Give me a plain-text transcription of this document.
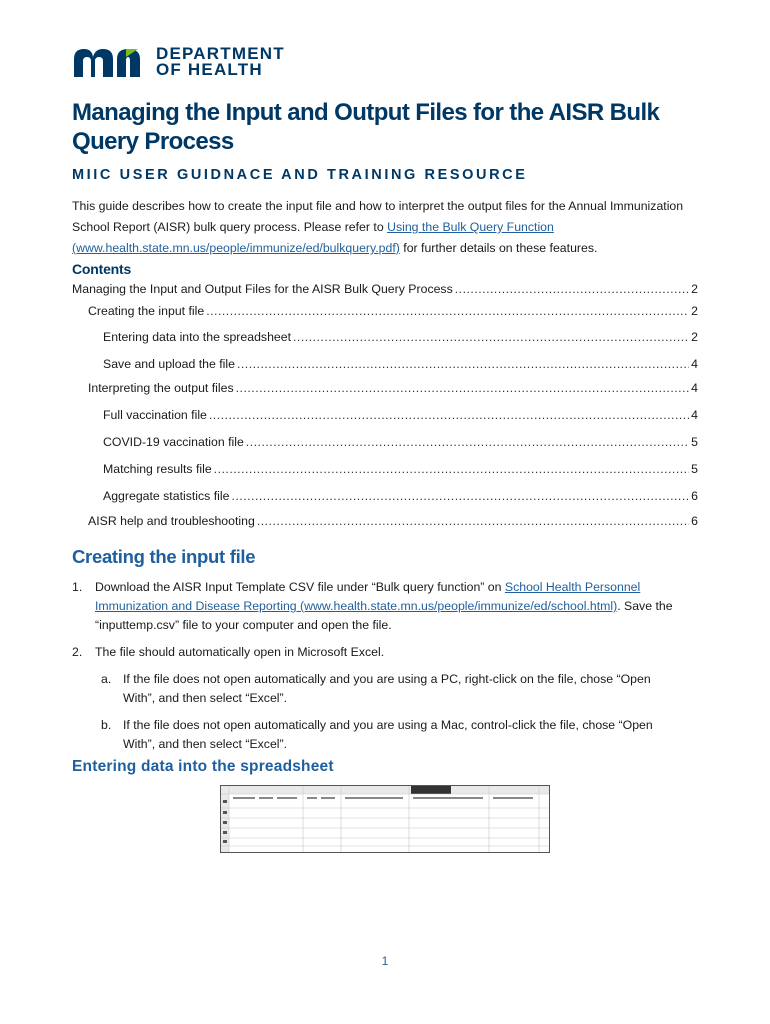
DEPARTMENT
OF HEALTH
Managing the Input and Output Files for the AISR Bulk Query Process
MIIC USER GUIDNACE AND TRAINING RESOURCE

This guide describes how to create the input file and how to interpret the output files for the Annual Immunization School Report (AISR) bulk query process. Please refer to Using the Bulk Query Function (www.health.state.mn.us/people/immunize/ed/bulkquery.pdf) for further details on these features.

Contents
Managing the Input and Output Files for the AISR Bulk Query Process .....	2
Creating the input file .....	2
Entering data into the spreadsheet .....	2
Save and upload the file .....	4
Interpreting the output files .....	4
Full vaccination file .....	4
COVID-19 vaccination file .....	5
Matching results file .....	5
Aggregate statistics file .....	6
AISR help and troubleshooting .....	6
Creating the input file
1. Download the AISR Input Template CSV file under “Bulk query function” on School Health Personnel Immunization and Disease Reporting (www.health.state.mn.us/people/immunize/ed/school.html). Save the “inputtemp.csv” file to your computer and open the file.
2. The file should automatically open in Microsoft Excel.
a. If the file does not open automatically and you are using a PC, right-click on the file, chose “Open With”, and then select “Excel”.
b. If the file does not open automatically and you are using a Mac, control-click the file, chose “Open With”, and then select “Excel”.
Entering data into the spreadsheet
1
